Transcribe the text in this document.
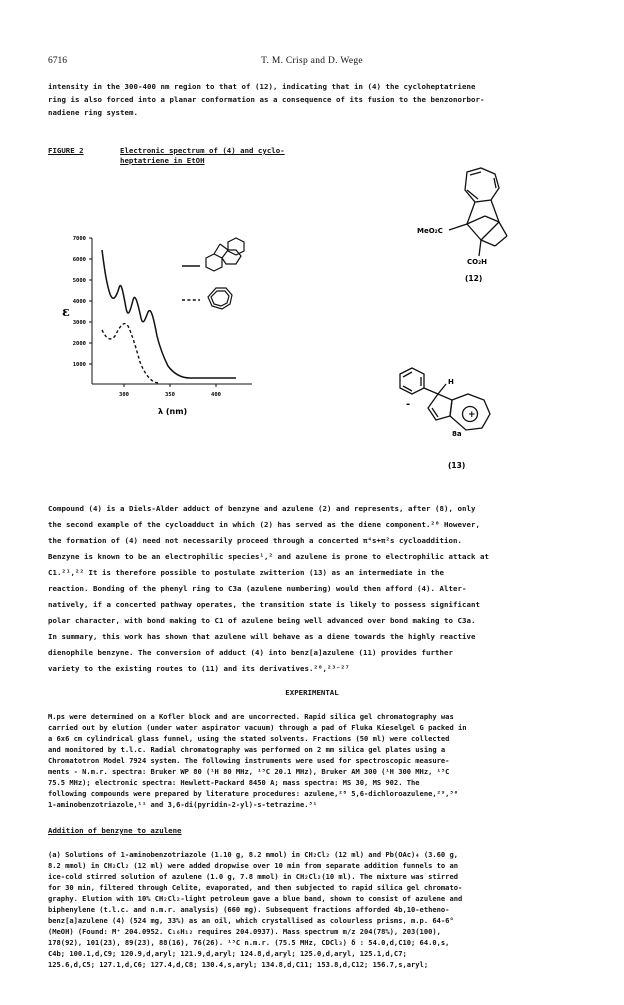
6716	T. M. Crisp and D. Wege
intensity in the 300-400 nm region to that of (12), indicating that in (4) the cycloheptatriene
ring is also forced into a planar conformation as a consequence of its fusion to the benzonorbor-
nadiene ring system.
FIGURE 2	Electronic spectrum of (4) and cyclo-
heptatriene in EtOH
7000
6000
5000
4000
3000
2000
1000
300	350	400
ε
λ (nm)
MeO₂C
CO₂H
(12)
H
-
+
8a
(13)
Compound (4) is a Diels-Alder adduct of benzyne and azulene (2) and represents, after (8), only
the second example of the cycloadduct in which (2) has served as the diene component.²⁰ However,
the formation of (4) need not necessarily proceed through a concerted π⁴s+π²s cycloaddition.
Benzyne is known to be an electrophilic species¹,² and azulene is prone to electrophilic attack at
C1.²¹,²² It is therefore possible to postulate zwitterion (13) as an intermediate in the
reaction. Bonding of the phenyl ring to C3a (azulene numbering) would then afford (4). Alter-
natively, if a concerted pathway operates, the transition state is likely to possess significant
polar character, with bond making to C1 of azulene being well advanced over bond making to C3a.
In summary, this work has shown that azulene will behave as a diene towards the highly reactive
dienophile benzyne. The conversion of adduct (4) into benz[a]azulene (11) provides further
variety to the existing routes to (11) and its derivatives.²⁰,²³⁻²⁷
EXPERIMENTAL
M.ps were determined on a Kofler block and are uncorrected. Rapid silica gel chromatography was
carried out by elution (under water aspirator vacuum) through a pad of Fluka Kieselgel G packed in
a 6x6 cm cylindrical glass funnel, using the stated solvents. Fractions (50 ml) were collected
and monitored by t.l.c. Radial chromatography was performed on 2 mm silica gel plates using a
Chromatotron Model 7924 system. The following instruments were used for spectroscopic measure-
ments - N.m.r. spectra: Bruker WP 80 (¹H 80 MHz, ¹³C 20.1 MHz), Bruker AM 300 (¹H 300 MHz, ¹³C
75.5 MHz); electronic spectra: Hewlett-Packard 8450 A; mass spectra: MS 30, MS 902. The
following compounds were prepared by literature procedures: azulene,²⁸ 5,6-dichloroazulene,²⁹,³⁰
1-aminobenzotriazole,¹¹ and 3,6-di(pyridin-2-yl)-s-tetrazine.³¹
Addition of benzyne to azulene
(a) Solutions of 1-aminobenzotriazole (1.10 g, 8.2 mmol) in CH₂Cl₂ (12 ml) and Pb(OAc)₄ (3.60 g,
8.2 mmol) in CH₂Cl₂ (12 ml) were added dropwise over 10 min from separate addition funnels to an
ice-cold stirred solution of azulene (1.0 g, 7.8 mmol) in CH₂Cl₂(10 ml). The mixture was stirred
for 30 min, filtered through Celite, evaporated, and then subjected to rapid silica gel chromato-
graphy. Elution with 10% CH₂Cl₂-light petroleum gave a blue band, shown to consist of azulene and
biphenylene (t.l.c. and n.m.r. analysis) (660 mg). Subsequent fractions afforded 4b,10-etheno-
benz[a]azulene (4) (524 mg, 33%) as an oil, which crystallised as colourless prisms, m.p. 64-6°
(MeOH) (Found: M⁺ 204.0952. C₁₆H₁₂ requires 204.0937). Mass spectrum m/z 204(78%), 203(100),
178(92), 101(23), 89(23), 88(16), 76(26). ¹³C n.m.r. (75.5 MHz, CDCl₃) δ : 54.0,d,C10; 64.0,s,
C4b; 100.1,d,C9; 120.9,d,aryl; 121.9,d,aryl; 124.8,d,aryl; 125.0,d,aryl, 125.1,d,C7;
125.6,d,C5; 127.1,d,C6; 127.4,d,C8; 130.4,s,aryl; 134.8,d,C11; 153.8,d,C12; 156.7,s,aryl;
